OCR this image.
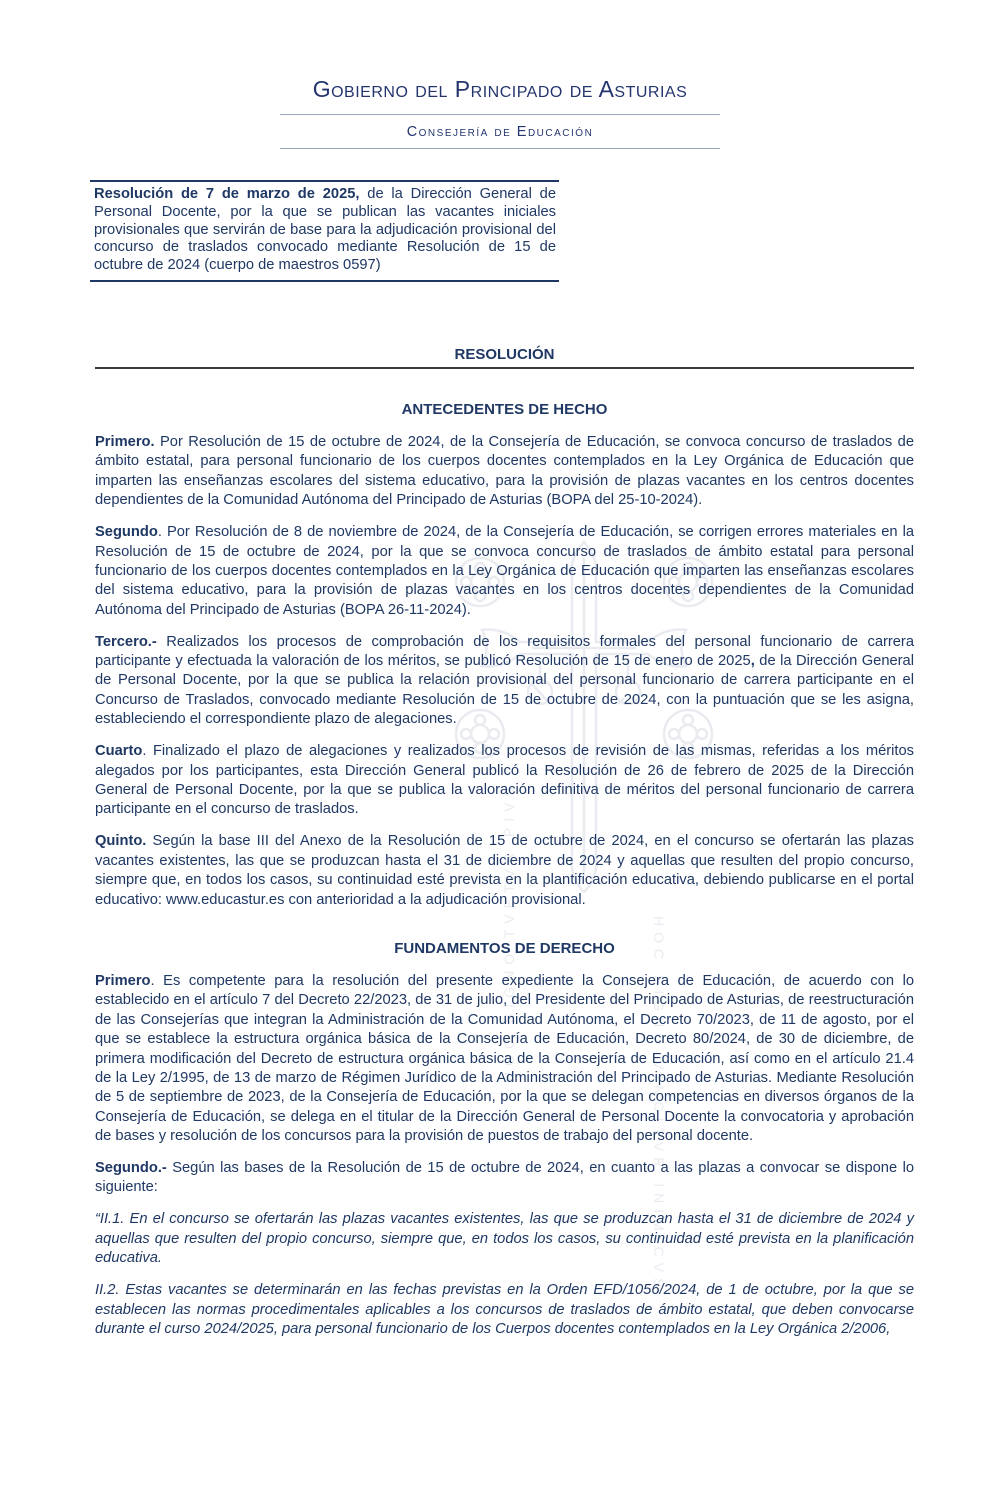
HOC SIGNO TVETVR PIVS	HOC SIGNO VINCITVR INIMICVS
Gobierno del Principado de Asturias
Consejería de Educación

Resolución de 7 de marzo de 2025, de la Dirección General de Personal Docente, por la que se publican las vacantes iniciales provisionales que servirán de base para la adjudicación provisional del concurso de traslados convocado mediante Resolución de 15 de octubre de 2024 (cuerpo de maestros 0597)

RESOLUCIÓN
ANTECEDENTES DE HECHO

Primero. Por Resolución de 15 de octubre de 2024, de la Consejería de Educación, se convoca concurso de traslados de ámbito estatal, para personal funcionario de los cuerpos docentes contemplados en la Ley Orgánica de Educación que imparten las enseñanzas escolares del sistema educativo, para la provisión de plazas vacantes en los centros docentes dependientes de la Comunidad Autónoma del Principado de Asturias (BOPA del 25-10-2024).

Segundo. Por Resolución de 8 de noviembre de 2024, de la Consejería de Educación, se corrigen errores materiales en la Resolución de 15 de octubre de 2024, por la que se convoca concurso de traslados de ámbito estatal para personal funcionario de los cuerpos docentes contemplados en la Ley Orgánica de Educación que imparten las enseñanzas escolares del sistema educativo, para la provisión de plazas vacantes en los centros docentes dependientes de la Comunidad Autónoma del Principado de Asturias (BOPA 26-11-2024).

Tercero.- Realizados los procesos de comprobación de los requisitos formales del personal funcionario de carrera participante y efectuada la valoración de los méritos, se publicó Resolución de 15 de enero de 2025, de la Dirección General de Personal Docente, por la que se publica la relación provisional del personal funcionario de carrera participante en el Concurso de Traslados, convocado mediante Resolución de 15 de octubre de 2024, con la puntuación que se les asigna, estableciendo el correspondiente plazo de alegaciones.

Cuarto. Finalizado el plazo de alegaciones y realizados los procesos de revisión de las mismas, referidas a los méritos alegados por los participantes, esta Dirección General publicó la Resolución de 26 de febrero de 2025 de la Dirección General de Personal Docente, por la que se publica la valoración definitiva de méritos del personal funcionario de carrera participante en el concurso de traslados.

Quinto. Según la base III del Anexo de la Resolución de 15 de octubre de 2024, en el concurso se ofertarán las plazas vacantes existentes, las que se produzcan hasta el 31 de diciembre de 2024 y aquellas que resulten del propio concurso, siempre que, en todos los casos, su continuidad esté prevista en la plantificación educativa, debiendo publicarse en el portal educativo: www.educastur.es con anterioridad a la adjudicación provisional.

FUNDAMENTOS DE DERECHO

Primero. Es competente para la resolución del presente expediente la Consejera de Educación, de acuerdo con lo establecido en el artículo 7 del Decreto 22/2023, de 31 de julio, del Presidente del Principado de Asturias, de reestructuración de las Consejerías que integran la Administración de la Comunidad Autónoma, el Decreto 70/2023, de 11 de agosto, por el que se establece la estructura orgánica básica de la Consejería de Educación, Decreto 80/2024, de 30 de diciembre, de primera modificación del Decreto de estructura orgánica básica de la Consejería de Educación, así como en el artículo 21.4 de la Ley 2/1995, de 13 de marzo de Régimen Jurídico de la Administración del Principado de Asturias. Mediante Resolución de 5 de septiembre de 2023, de la Consejería de Educación, por la que se delegan competencias en diversos órganos de la Consejería de Educación, se delega en el titular de la Dirección General de Personal Docente la convocatoria y aprobación de bases y resolución de los concursos para la provisión de puestos de trabajo del personal docente.

Segundo.- Según las bases de la Resolución de 15 de octubre de 2024, en cuanto a las plazas a convocar se dispone lo siguiente:

“II.1. En el concurso se ofertarán las plazas vacantes existentes, las que se produzcan hasta el 31 de diciembre de 2024 y aquellas que resulten del propio concurso, siempre que, en todos los casos, su continuidad esté prevista en la planificación educativa.

II.2. Estas vacantes se determinarán en las fechas previstas en la Orden EFD/1056/2024, de 1 de octubre, por la que se establecen las normas procedimentales aplicables a los concursos de traslados de ámbito estatal, que deben convocarse durante el curso 2024/2025, para personal funcionario de los Cuerpos docentes contemplados en la Ley Orgánica 2/2006,
